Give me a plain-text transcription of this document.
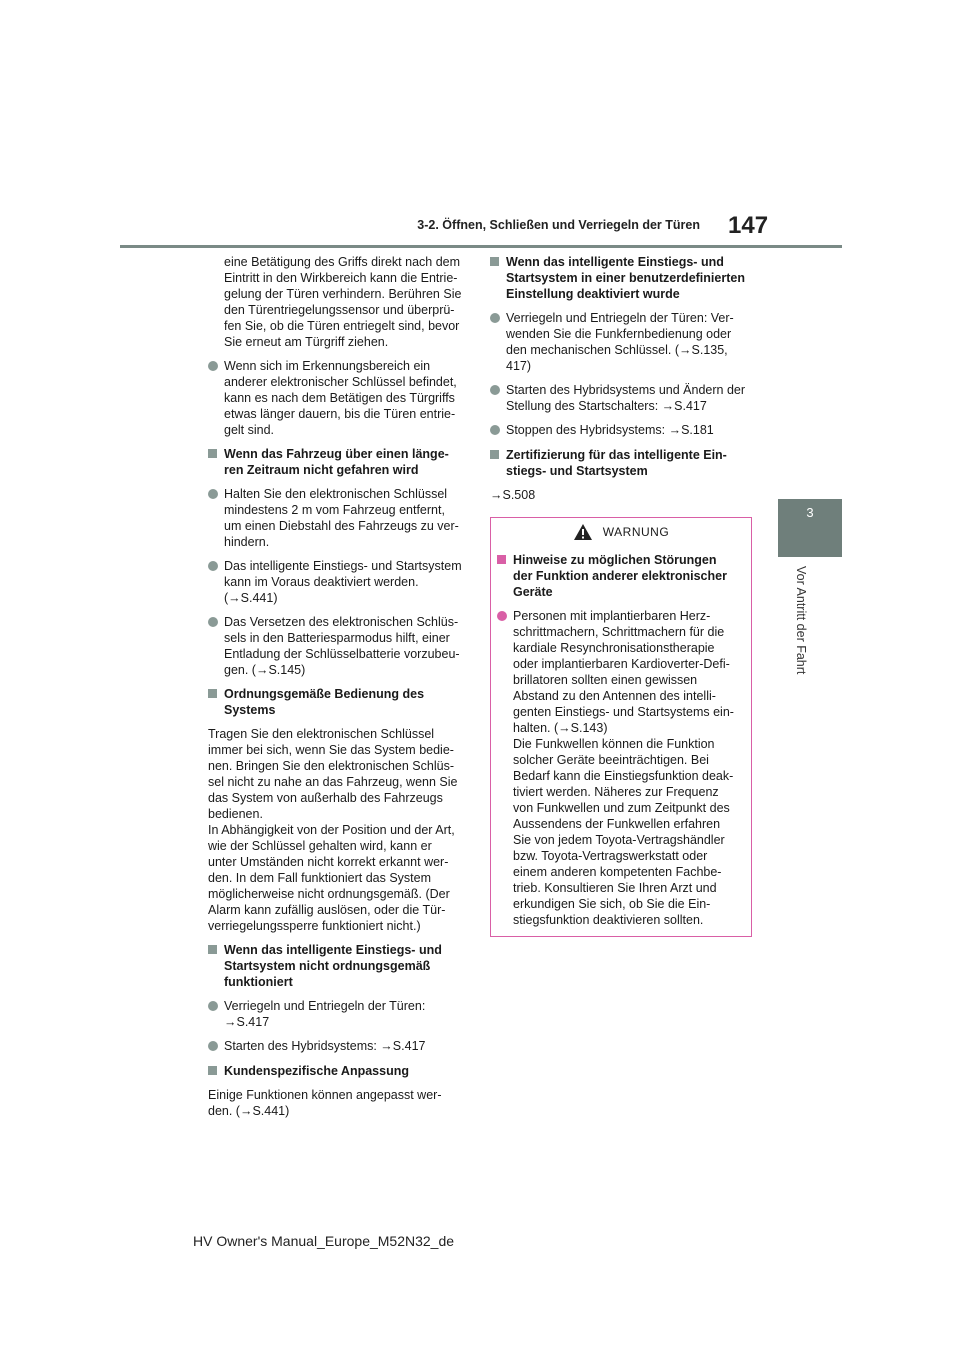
3-2. Öffnen, Schließen und Verriegeln der Türen 147
3
Vor Antritt der Fahrt

eine Betätigung des Griffs direkt nach dem
Eintritt in den Wirkbereich kann die Entrie-
gelung der Türen verhindern. Berühren Sie
den Türentriegelungssensor und überprü-
fen Sie, ob die Türen entriegelt sind, bevor
Sie erneut am Türgriff ziehen.

Wenn sich im Erkennungsbereich ein
anderer elektronischer Schlüssel befindet,
kann es nach dem Betätigen des Türgriffs
etwas länger dauern, bis die Türen entrie-
gelt sind.
Wenn das Fahrzeug über einen länge-
ren Zeitraum nicht gefahren wird
Halten Sie den elektronischen Schlüssel
mindestens 2 m vom Fahrzeug entfernt,
um einen Diebstahl des Fahrzeugs zu ver-
hindern.
Das intelligente Einstiegs- und Startsystem
kann im Voraus deaktiviert werden.
(→S.441)
Das Versetzen des elektronischen Schlüs-
sels in den Batteriesparmodus hilft, einer
Entladung der Schlüsselbatterie vorzubeu-
gen. (→S.145)
Ordnungsgemäße Bedienung des
Systems

Tragen Sie den elektronischen Schlüssel
immer bei sich, wenn Sie das System bedie-
nen. Bringen Sie den elektronischen Schlüs-
sel nicht zu nahe an das Fahrzeug, wenn Sie
das System von außerhalb des Fahrzeugs
bedienen.
In Abhängigkeit von der Position und der Art,
wie der Schlüssel gehalten wird, kann er
unter Umständen nicht korrekt erkannt wer-
den. In dem Fall funktioniert das System
möglicherweise nicht ordnungsgemäß. (Der
Alarm kann zufällig auslösen, oder die Tür-
verriegelungssperre funktioniert nicht.)

Wenn das intelligente Einstiegs- und
Startsystem nicht ordnungsgemäß
funktioniert
Verriegeln und Entriegeln der Türen:
→S.417
Starten des Hybridsystems: →S.417
Kundenspezifische Anpassung

Einige Funktionen können angepasst wer-
den. (→S.441)

Wenn das intelligente Einstiegs- und
Startsystem in einer benutzerdefinierten
Einstellung deaktiviert wurde
Verriegeln und Entriegeln der Türen: Ver-
wenden Sie die Funkfernbedienung oder
den mechanischen Schlüssel. (→S.135,
417)
Starten des Hybridsystems und Ändern der
Stellung des Startschalters: →S.417
Stoppen des Hybridsystems: →S.181
Zertifizierung für das intelligente Ein-
stiegs- und Startsystem

→S.508

WARNUNG
Hinweise zu möglichen Störungen
der Funktion anderer elektronischer
Geräte
Personen mit implantierbaren Herz-
schrittmachern, Schrittmachern für die
kardiale Resynchronisationstherapie
oder implantierbaren Kardioverter-Defi-
brillatoren sollten einen gewissen
Abstand zu den Antennen des intelli-
genten Einstiegs- und Startsystems ein-
halten. (→S.143)
Die Funkwellen können die Funktion
solcher Geräte beeinträchtigen. Bei
Bedarf kann die Einstiegsfunktion deak-
tiviert werden. Näheres zur Frequenz
von Funkwellen und zum Zeitpunkt des
Aussendens der Funkwellen erfahren
Sie von jedem Toyota-Vertragshändler
bzw. Toyota-Vertragswerkstatt oder
einem anderen kompetenten Fachbe-
trieb. Konsultieren Sie Ihren Arzt und
erkundigen Sie sich, ob Sie die Ein-
stiegsfunktion deaktivieren sollten.
HV Owner's Manual_Europe_M52N32_de
